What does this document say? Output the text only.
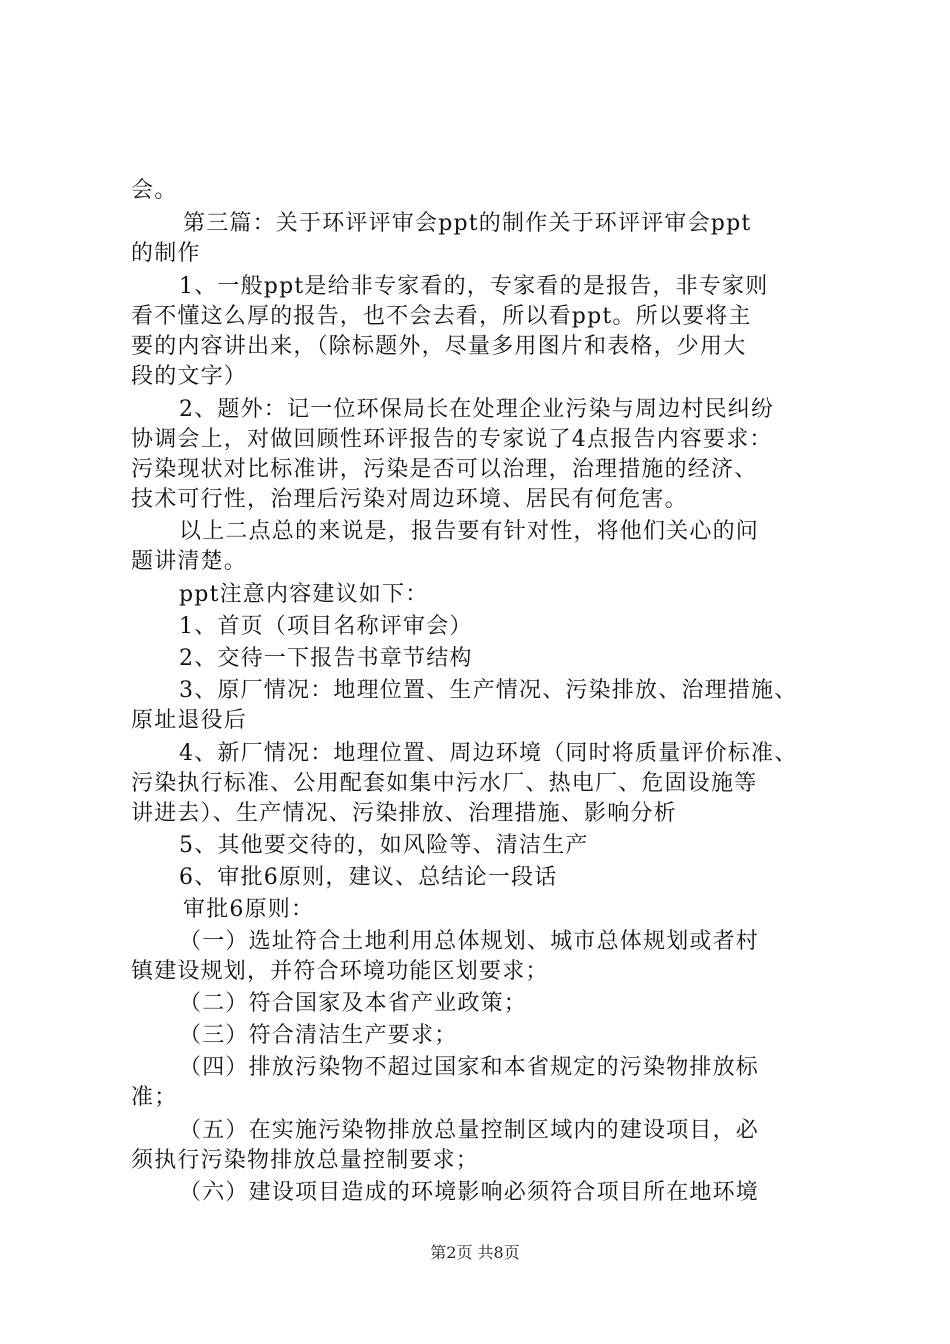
会。
第三篇：关于环评评审会ppt的制作关于环评评审会ppt
的制作
1、一般ppt是给非专家看的，专家看的是报告，非专家则
看不懂这么厚的报告，也不会去看，所以看ppt。所以要将主
要的内容讲出来，（除标题外，尽量多用图片和表格，少用大
段的文字）
2、题外：记一位环保局长在处理企业污染与周边村民纠纷
协调会上，对做回顾性环评报告的专家说了4点报告内容要求：
污染现状对比标准讲，污染是否可以治理，治理措施的经济、
技术可行性，治理后污染对周边环境、居民有何危害。
以上二点总的来说是，报告要有针对性，将他们关心的问
题讲清楚。
ppt注意内容建议如下：
1、首页（项目名称评审会）
2、交待一下报告书章节结构
3、原厂情况：地理位置、生产情况、污染排放、治理措施、
原址退役后
4、新厂情况：地理位置、周边环境（同时将质量评价标准、
污染执行标准、公用配套如集中污水厂、热电厂、危固设施等
讲进去）、生产情况、污染排放、治理措施、影响分析
5、其他要交待的，如风险等、清洁生产
6、审批6原则，建议、总结论一段话
审批6原则：
（一）选址符合土地利用总体规划、城市总体规划或者村
镇建设规划，并符合环境功能区划要求；
（二）符合国家及本省产业政策；
（三）符合清洁生产要求；
（四）排放污染物不超过国家和本省规定的污染物排放标
准；
（五）在实施污染物排放总量控制区域内的建设项目，必
须执行污染物排放总量控制要求；
（六）建设项目造成的环境影响必须符合项目所在地环境
第2页 共8页
